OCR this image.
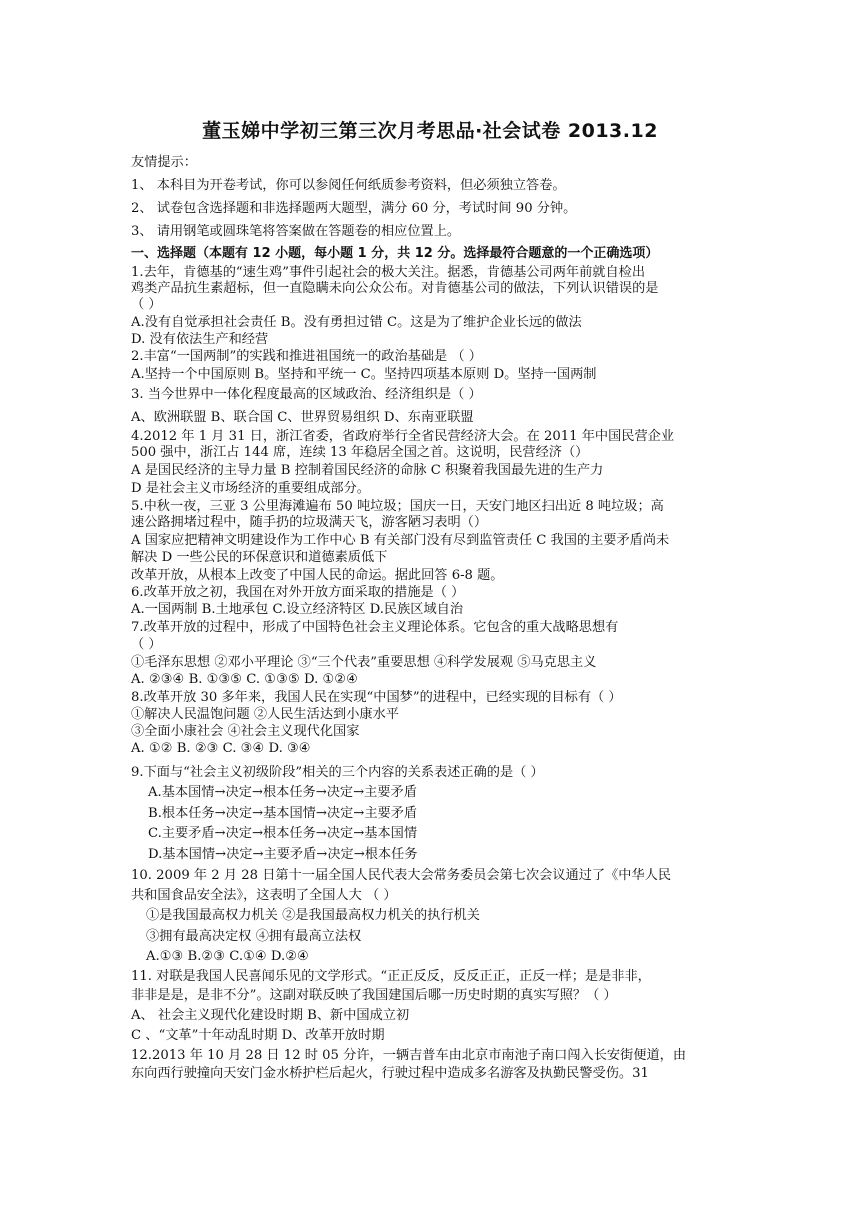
董玉娣中学初三第三次月考思品·社会试卷 2013.12
友情提示：
1、 本科目为开卷考试，你可以参阅任何纸质参考资料，但必须独立答卷。
2、 试卷包含选择题和非选择题两大题型，满分 60 分，考试时间 90 分钟。
3、 请用钢笔或圆珠笔将答案做在答题卷的相应位置上。
一、选择题（本题有 12 小题，每小题 1 分，共 12 分。选择最符合题意的一个正确选项）
1.去年，肯德基的“速生鸡”事件引起社会的极大关注。据悉，肯德基公司两年前就自检出
鸡类产品抗生素超标，但一直隐瞒未向公众公布。对肯德基公司的做法，下列认识错误的是
（ ）
A.没有自觉承担社会责任 B。没有勇担过错 C。这是为了维护企业长远的做法
D. 没有依法生产和经营
2.丰富“一国两制”的实践和推进祖国统一的政治基础是 （ ）
A.坚持一个中国原则 B。坚持和平统一 C。坚持四项基本原则 D。坚持一国两制
3. 当今世界中一体化程度最高的区域政治、经济组织是（ ）
A、欧洲联盟 B、联合国 C、世界贸易组织 D、东南亚联盟
4.2012 年 1 月 31 日，浙江省委，省政府举行全省民营经济大会。在 2011 年中国民营企业
500 强中，浙江占 144 席，连续 13 年稳居全国之首。这说明，民营经济（）
A 是国民经济的主导力量 B 控制着国民经济的命脉 C 积聚着我国最先进的生产力
D 是社会主义市场经济的重要组成部分。
5.中秋一夜，三亚 3 公里海滩遍布 50 吨垃圾；国庆一日，天安门地区扫出近 8 吨垃圾；高
速公路拥堵过程中，随手扔的垃圾满天飞，游客陋习表明（）
A 国家应把精神文明建设作为工作中心 B 有关部门没有尽到监管责任 C 我国的主要矛盾尚未
解决 D 一些公民的环保意识和道德素质低下
改革开放，从根本上改变了中国人民的命运。据此回答 6-8 题。
6.改革开放之初，我国在对外开放方面采取的措施是（ ）
A.一国两制 B.土地承包 C.设立经济特区 D.民族区域自治
7.改革开放的过程中，形成了中国特色社会主义理论体系。它包含的重大战略思想有
（ ）
①毛泽东思想 ②邓小平理论 ③“三个代表”重要思想 ④科学发展观 ⑤马克思主义
A. ②③④ B. ①③⑤ C. ①③⑤ D. ①②④
8.改革开放 30 多年来，我国人民在实现“中国梦”的进程中，已经实现的目标有（ ）
①解决人民温饱问题 ②人民生活达到小康水平
③全面小康社会 ④社会主义现代化国家
A. ①② B. ②③ C. ③④ D. ③④
9.下面与“社会主义初级阶段”相关的三个内容的关系表述正确的是（ ）
A.基本国情→决定→根本任务→决定→主要矛盾
B.根本任务→决定→基本国情→决定→主要矛盾
C.主要矛盾→决定→根本任务→决定→基本国情
D.基本国情→决定→主要矛盾→决定→根本任务
10. 2009 年 2 月 28 日第十一届全国人民代表大会常务委员会第七次会议通过了《中华人民
共和国食品安全法》，这表明了全国人大 （ ）
①是我国最高权力机关 ②是我国最高权力机关的执行机关
③拥有最高决定权 ④拥有最高立法权
A.①③ B.②③ C.①④ D.②④
11. 对联是我国人民喜闻乐见的文学形式。“正正反反，反反正正，正反一样；是是非非，
非非是是，是非不分”。这副对联反映了我国建国后哪一历史时期的真实写照？（ ）
A、 社会主义现代化建设时期 B、新中国成立初
C 、“文革”十年动乱时期 D、改革开放时期
12.2013 年 10 月 28 日 12 时 05 分许，一辆吉普车由北京市南池子南口闯入长安街便道，由
东向西行驶撞向天安门金水桥护栏后起火，行驶过程中造成多名游客及执勤民警受伤。31
